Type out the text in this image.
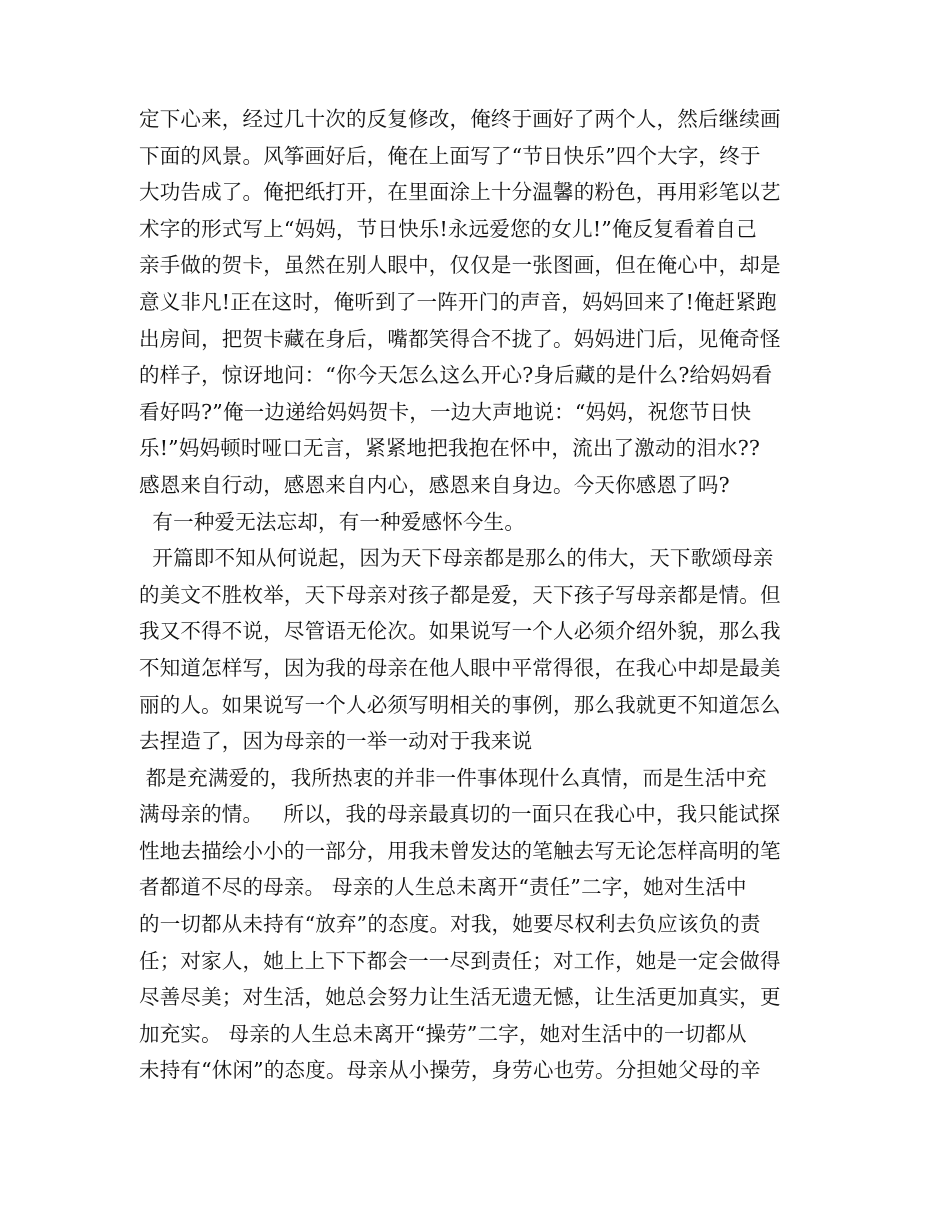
定下心来，经过几十次的反复修改，俺终于画好了两个人，然后继续画
下面的风景。风筝画好后，俺在上面写了“节日快乐”四个大字，终于
大功告成了。俺把纸打开，在里面涂上十分温馨的粉色，再用彩笔以艺
术字的形式写上“妈妈，节日快乐!永远爱您的女儿!”俺反复看着自己
亲手做的贺卡，虽然在别人眼中，仅仅是一张图画，但在俺心中，却是
意义非凡!正在这时，俺听到了一阵开门的声音，妈妈回来了!俺赶紧跑
出房间，把贺卡藏在身后，嘴都笑得合不拢了。妈妈进门后，见俺奇怪
的样子，惊讶地问：“你今天怎么这么开心?身后藏的是什么?给妈妈看
看好吗?”俺一边递给妈妈贺卡，一边大声地说：“妈妈，祝您节日快
乐!”妈妈顿时哑口无言，紧紧地把我抱在怀中，流出了激动的泪水??
感恩来自行动，感恩来自内心，感恩来自身边。今天你感恩了吗?
有一种爱无法忘却，有一种爱感怀今生。
开篇即不知从何说起，因为天下母亲都是那么的伟大，天下歌颂母亲
的美文不胜枚举，天下母亲对孩子都是爱，天下孩子写母亲都是情。但
我又不得不说，尽管语无伦次。如果说写一个人必须介绍外貌，那么我
不知道怎样写，因为我的母亲在他人眼中平常得很，在我心中却是最美
丽的人。如果说写一个人必须写明相关的事例，那么我就更不知道怎么
去捏造了，因为母亲的一举一动对于我来说
都是充满爱的，我所热衷的并非一件事体现什么真情，而是生活中充
满母亲的情。   所以，我的母亲最真切的一面只在我心中，我只能试探
性地去描绘小小的一部分，用我未曾发达的笔触去写无论怎样高明的笔
者都道不尽的母亲。 母亲的人生总未离开“责任”二字，她对生活中
的一切都从未持有“放弃”的态度。对我，她要尽权利去负应该负的责
任；对家人，她上上下下都会一一尽到责任；对工作，她是一定会做得
尽善尽美；对生活，她总会努力让生活无遗无憾，让生活更加真实，更
加充实。 母亲的人生总未离开“操劳”二字，她对生活中的一切都从
未持有“休闲”的态度。母亲从小操劳，身劳心也劳。分担她父母的辛
